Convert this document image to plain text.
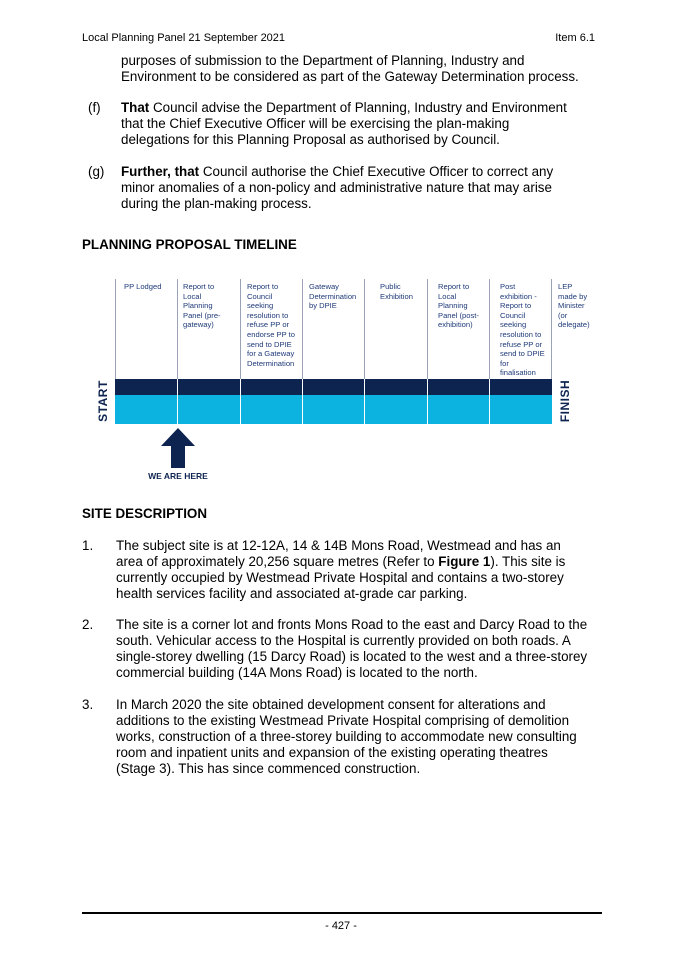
Local Planning Panel 21 September 2021	Item 6.1
purposes of submission to the Department of Planning, Industry and
Environment to be considered as part of the Gateway Determination process.
(f) That Council advise the Department of Planning, Industry and Environment
that the Chief Executive Officer will be exercising the plan-making
delegations for this Planning Proposal as authorised by Council.
(g) Further, that Council authorise the Chief Executive Officer to correct any
minor anomalies of a non-policy and administrative nature that may arise
during the plan-making process.
PLANNING PROPOSAL TIMELINE
PP Lodged	Report to
Local
Planning
Panel (pre-
gateway)
Report to
Council
seeking
resolution to
refuse PP or
endorse PP to
send to DPIE
for a Gateway
Determination
Gateway
Determination
by DPIE
Public
Exhibition
Report to
Local
Planning
Panel (post-
exhibition)
Post
exhibition -
Report to
Council
seeking
resolution to
refuse PP or
send to DPIE
for
finalisation
LEP
made by
Minister
(or
delegate)
START	FINISH
WE ARE HERE
SITE DESCRIPTION
1. The subject site is at 12-12A, 14 & 14B Mons Road, Westmead and has an
area of approximately 20,256 square metres (Refer to Figure 1). This site is
currently occupied by Westmead Private Hospital and contains a two-storey
health services facility and associated at-grade car parking.
2. The site is a corner lot and fronts Mons Road to the east and Darcy Road to the
south. Vehicular access to the Hospital is currently provided on both roads. A
single-storey dwelling (15 Darcy Road) is located to the west and a three-storey
commercial building (14A Mons Road) is located to the north.
3. In March 2020 the site obtained development consent for alterations and
additions to the existing Westmead Private Hospital comprising of demolition
works, construction of a three-storey building to accommodate new consulting
room and inpatient units and expansion of the existing operating theatres
(Stage 3). This has since commenced construction.
- 427 -
